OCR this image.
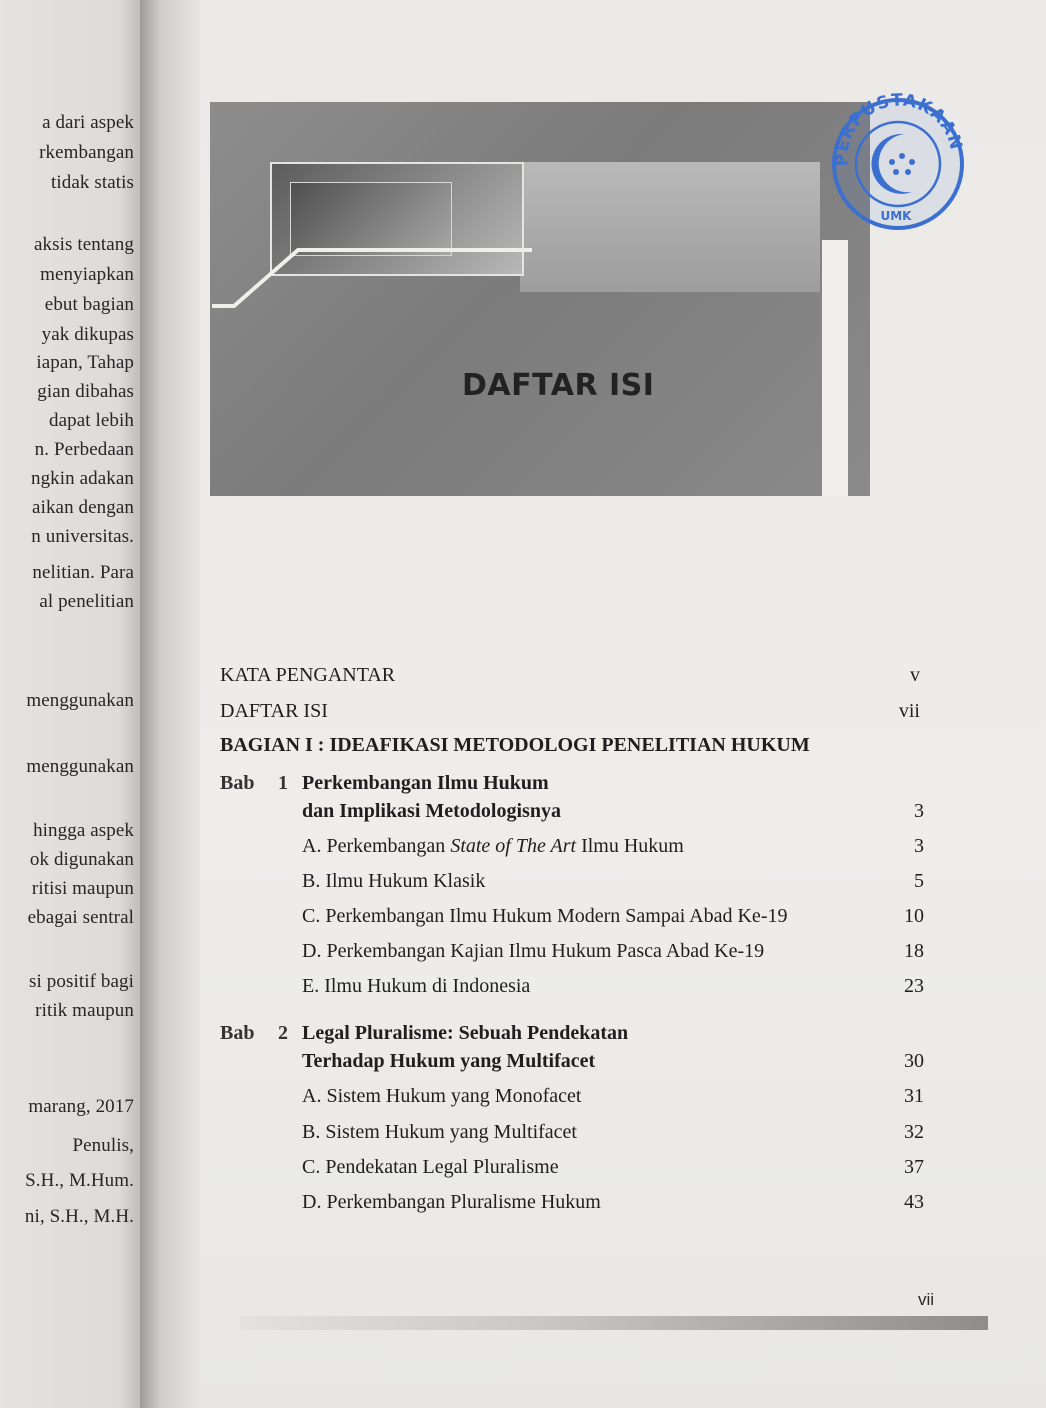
a dari aspek
rkembangan
tidak statis
aksis tentang
menyiapkan
ebut bagian
yak dikupas
iapan, Tahap
gian dibahas
dapat lebih
n. Perbedaan
ngkin adakan
aikan dengan
n universitas.
nelitian. Para
al penelitian
menggunakan
menggunakan
hingga aspek
ok digunakan
ritisi maupun
ebagai sentral
si positif bagi
ritik maupun
marang, 2017
Penulis,
S.H., M.Hum.
ni, S.H., M.H.
DAFTAR ISI
PERPUSTAKAAN
UMK
KATA PENGANTAR	v
DAFTAR ISI	vii
BAGIAN I : IDEAFIKASI METODOLOGI PENELITIAN HUKUM
Bab 1 Perkembangan Ilmu Hukum
dan Implikasi Metodologisnya	3
A. Perkembangan State of The Art Ilmu Hukum	3
B. Ilmu Hukum Klasik	5
C. Perkembangan Ilmu Hukum Modern Sampai Abad Ke-19	10
D. Perkembangan Kajian Ilmu Hukum Pasca Abad Ke-19	18
E. Ilmu Hukum di Indonesia	23
Bab 2 Legal Pluralisme: Sebuah Pendekatan
Terhadap Hukum yang Multifacet	30
A. Sistem Hukum yang Monofacet	31
B. Sistem Hukum yang Multifacet	32
C. Pendekatan Legal Pluralisme	37
D. Perkembangan Pluralisme Hukum	43
vii
